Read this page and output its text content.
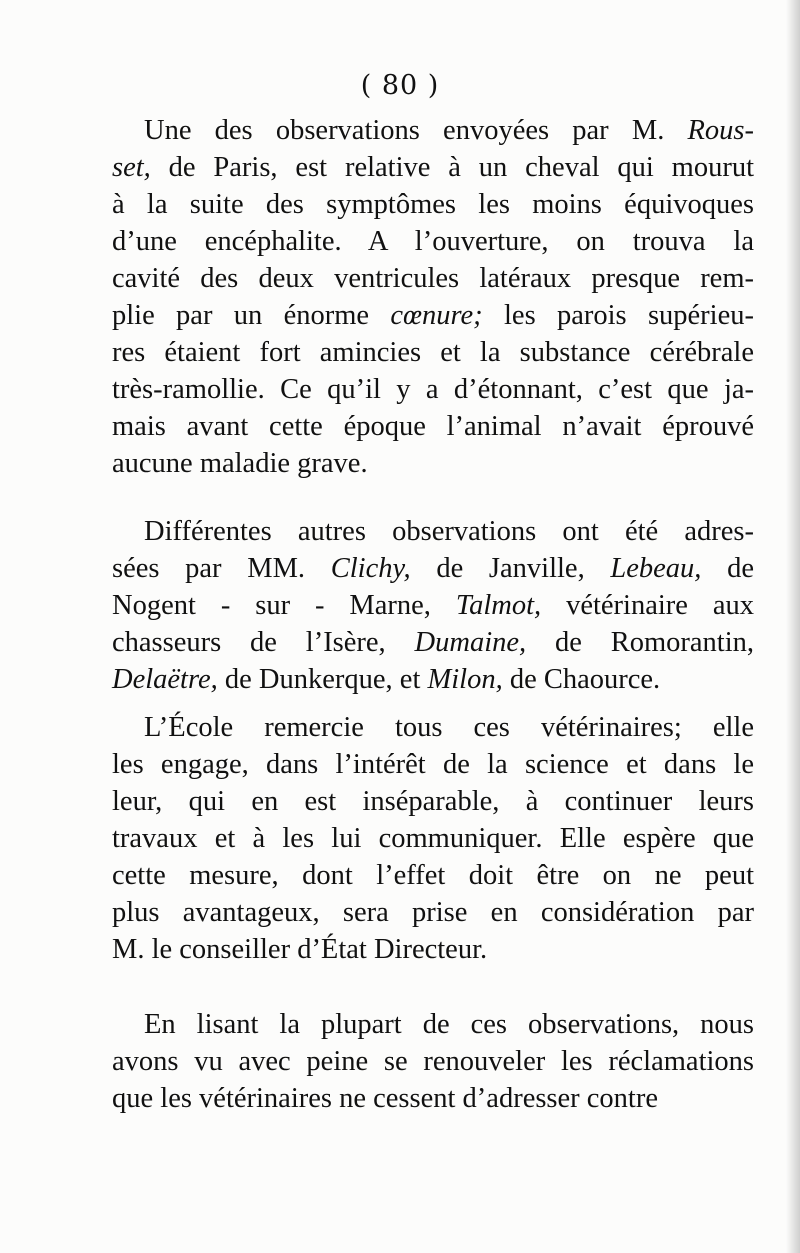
( 80 )
Une des observations envoyées par M. Rous-
set, de Paris, est relative à un cheval qui mourut
à la suite des symptômes les moins équivoques
d’une encéphalite. A l’ouverture, on trouva la
cavité des deux ventricules latéraux presque rem-
plie par un énorme cœnure; les parois supérieu-
res étaient fort amincies et la substance cérébrale
très-ramollie. Ce qu’il y a d’étonnant, c’est que ja-
mais avant cette époque l’animal n’avait éprouvé
aucune maladie grave.
Différentes autres observations ont été adres-
sées par MM. Clichy, de Janville, Lebeau, de
Nogent - sur - Marne, Talmot, vétérinaire aux
chasseurs de l’Isère, Dumaine, de Romorantin,
Delaëtre, de Dunkerque, et Milon, de Chaource.
L’École remercie tous ces vétérinaires; elle
les engage, dans l’intérêt de la science et dans le
leur, qui en est inséparable, à continuer leurs
travaux et à les lui communiquer. Elle espère que
cette mesure, dont l’effet doit être on ne peut
plus avantageux, sera prise en considération par
M. le conseiller d’État Directeur.
En lisant la plupart de ces observations, nous
avons vu avec peine se renouveler les réclamations
que les vétérinaires ne cessent d’adresser contre
